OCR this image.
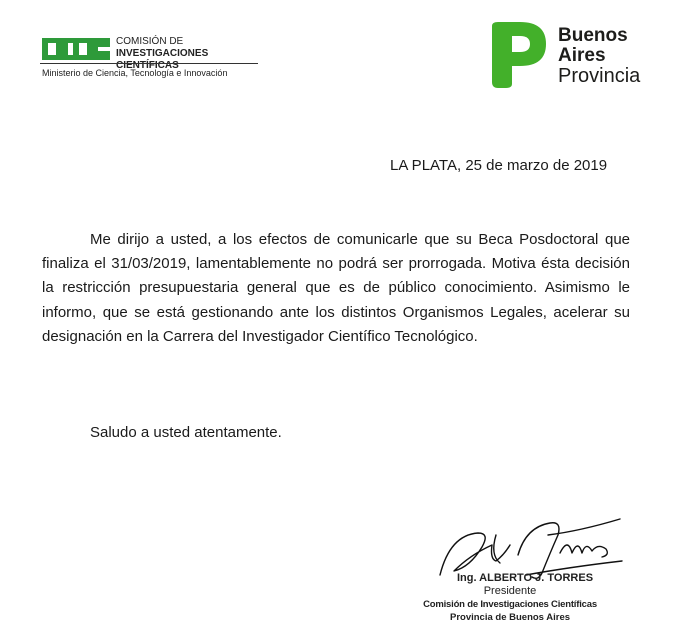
COMISIÓN DE
INVESTIGACIONES CIENTÍFICAS
Ministerio de Ciencia, Tecnología e Innovación
Buenos
Aires
Provincia
LA PLATA, 25 de marzo de 2019
Me dirijo a usted, a los efectos de comunicarle que su Beca Posdoctoral que finaliza el 31/03/2019, lamentablemente no podrá ser prorrogada. Motiva ésta decisión la restricción presupuestaria general que es de público conocimiento. Asimismo le informo, que se está gestionando ante los distintos Organismos Legales, acelerar su designación en la Carrera del Investigador Científico Tecnológico.
Saludo a usted atentamente.
Ing. ALBERTO J. TORRES
Presidente
Comisión de Investigaciones Científicas
Provincia de Buenos Aires
